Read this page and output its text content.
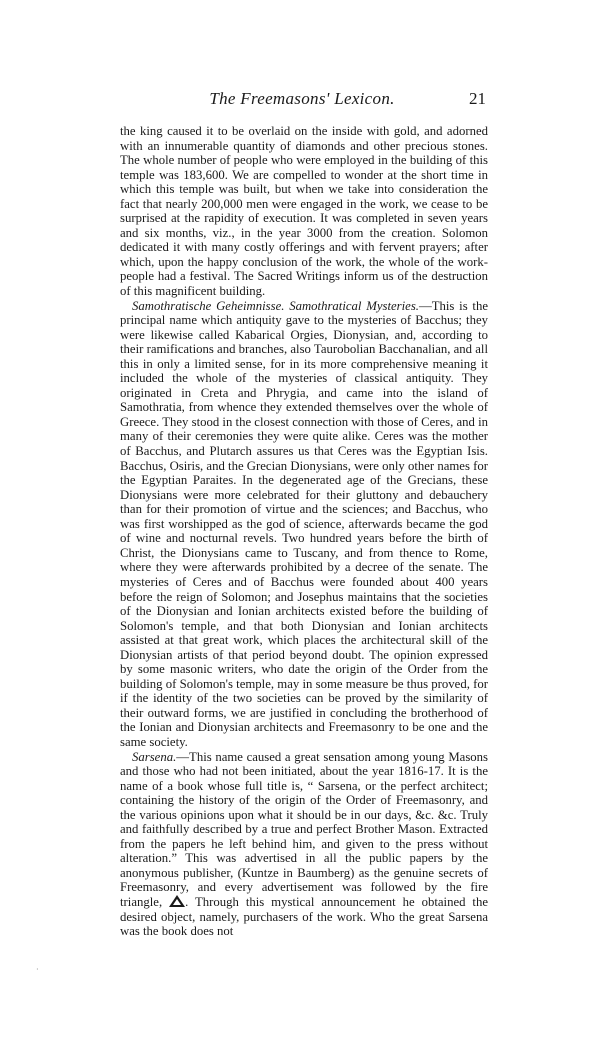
The Freemasons' Lexicon.	21

the king caused it to be overlaid on the inside with gold, and adorned with an innumerable quantity of diamonds and other precious stones. The whole number of people who were employed in the building of this temple was 183,600. We are compelled to wonder at the short time in which this temple was built, but when we take into consideration the fact that nearly 200,000 men were engaged in the work, we cease to be surprised at the rapidity of execution. It was completed in seven years and six months, viz., in the year 3000 from the creation. Solomon dedicated it with many costly offerings and with fervent prayers; after which, upon the happy conclusion of the work, the whole of the work-people had a festival. The Sacred Writings inform us of the destruction of this magnificent building.

Samothratische Geheimnisse. Samothratical Mysteries.—This is the principal name which antiquity gave to the mysteries of Bacchus; they were likewise called Kabarical Orgies, Dionysian, and, according to their ramifications and branches, also Taurobolian Bacchanalian, and all this in only a limited sense, for in its more comprehensive meaning it included the whole of the mysteries of classical antiquity. They originated in Creta and Phrygia, and came into the island of Samothratia, from whence they extended themselves over the whole of Greece. They stood in the closest connection with those of Ceres, and in many of their ceremonies they were quite alike. Ceres was the mother of Bacchus, and Plutarch assures us that Ceres was the Egyptian Isis. Bacchus, Osiris, and the Grecian Dionysians, were only other names for the Egyptian Paraites. In the degenerated age of the Grecians, these Dionysians were more celebrated for their gluttony and debauchery than for their promotion of virtue and the sciences; and Bacchus, who was first worshipped as the god of science, afterwards became the god of wine and nocturnal revels. Two hundred years before the birth of Christ, the Dionysians came to Tuscany, and from thence to Rome, where they were afterwards prohibited by a decree of the senate. The mysteries of Ceres and of Bacchus were founded about 400 years before the reign of Solomon; and Josephus maintains that the societies of the Dionysian and Ionian architects existed before the building of Solomon's temple, and that both Dionysian and Ionian architects assisted at that great work, which places the architectural skill of the Dionysian artists of that period beyond doubt. The opinion expressed by some masonic writers, who date the origin of the Order from the building of Solomon's temple, may in some measure be thus proved, for if the identity of the two societies can be proved by the similarity of their outward forms, we are justified in concluding the brotherhood of the Ionian and Dionysian architects and Freemasonry to be one and the same society.

Sarsena.—This name caused a great sensation among young Masons and those who had not been initiated, about the year 1816-17. It is the name of a book whose full title is, “ Sarsena, or the perfect architect; containing the history of the origin of the Order of Freemasonry, and the various opinions upon what it should be in our days, &c. &c. Truly and faithfully described by a true and perfect Brother Mason. Extracted from the papers he left behind him, and given to the press without alteration.” This was advertised in all the public papers by the anonymous publisher, (Kuntze in Baumberg) as the genuine secrets of Freemasonry, and every advertisement was followed by the fire triangle, . Through this mystical announcement he obtained the desired object, namely, purchasers of the work. Who the great Sarsena was the book does not

·
